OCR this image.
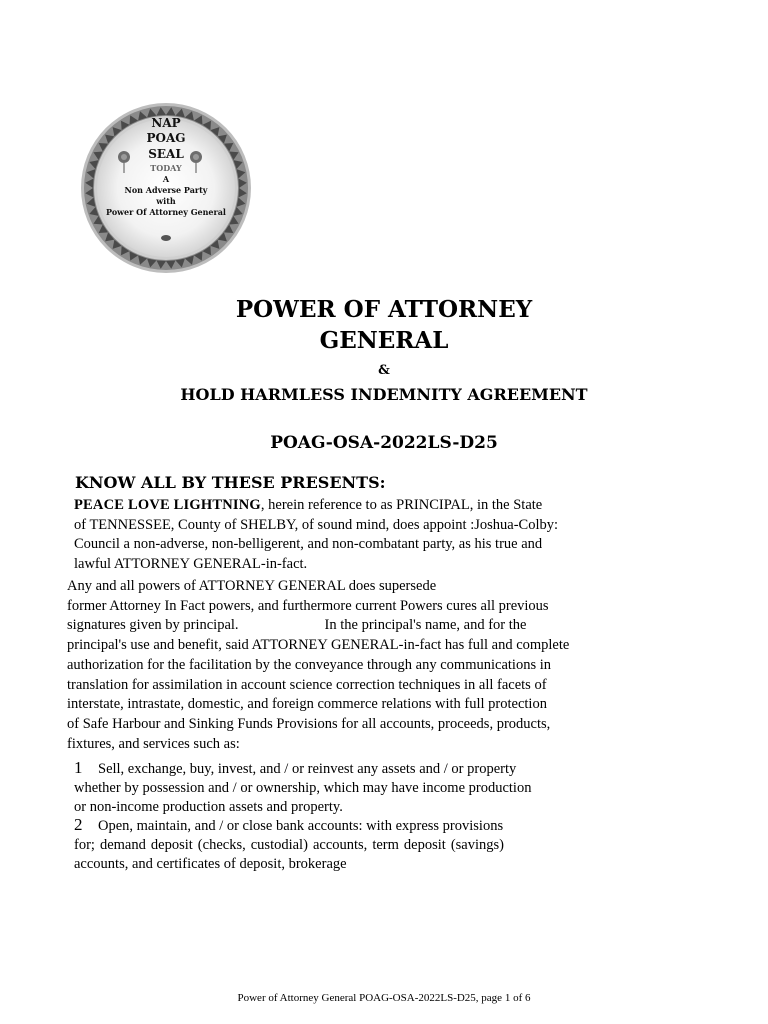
NAP
POAG
SEAL
TODAY
A
Non Adverse Party
with
Power Of Attorney General
POWER OF ATTORNEY
GENERAL
&
HOLD HARMLESS INDEMNITY AGREEMENT
POAG-OSA-2022LS-D25
KNOW ALL BY THESE PRESENTS:
PEACE LOVE LIGHTNING, herein reference to as PRINCIPAL, in the State
of TENNESSEE, County of SHELBY, of sound mind, does appoint :Joshua-Colby:
Council a non-adverse, non-belligerent, and non-combatant party, as his true and
lawful ATTORNEY GENERAL-in-fact.
Any and all powers of ATTORNEY GENERAL does supersede
former Attorney In Fact powers, and furthermore current Powers cures all previous
signatures given by principal.	In the principal's name, and for the
principal's use and benefit, said ATTORNEY GENERAL-in-fact has full and complete
authorization for the facilitation by the conveyance through any communications in
translation for assimilation in account science correction techniques in all facets of
interstate, intrastate, domestic, and foreign commerce relations with full protection
of Safe Harbour and Sinking Funds Provisions for all accounts, proceeds, products,
fixtures, and services such as:
1 Sell, exchange, buy, invest, and / or reinvest any assets and / or property
whether by possession and / or ownership, which may have income production
or non-income production assets and property.
2 Open, maintain, and / or close bank accounts: with express provisions
for; demand deposit (checks, custodial) accounts, term deposit (savings)
accounts, and certificates of deposit, brokerage
Power of Attorney General POAG-OSA-2022LS-D25, page 1 of 6
